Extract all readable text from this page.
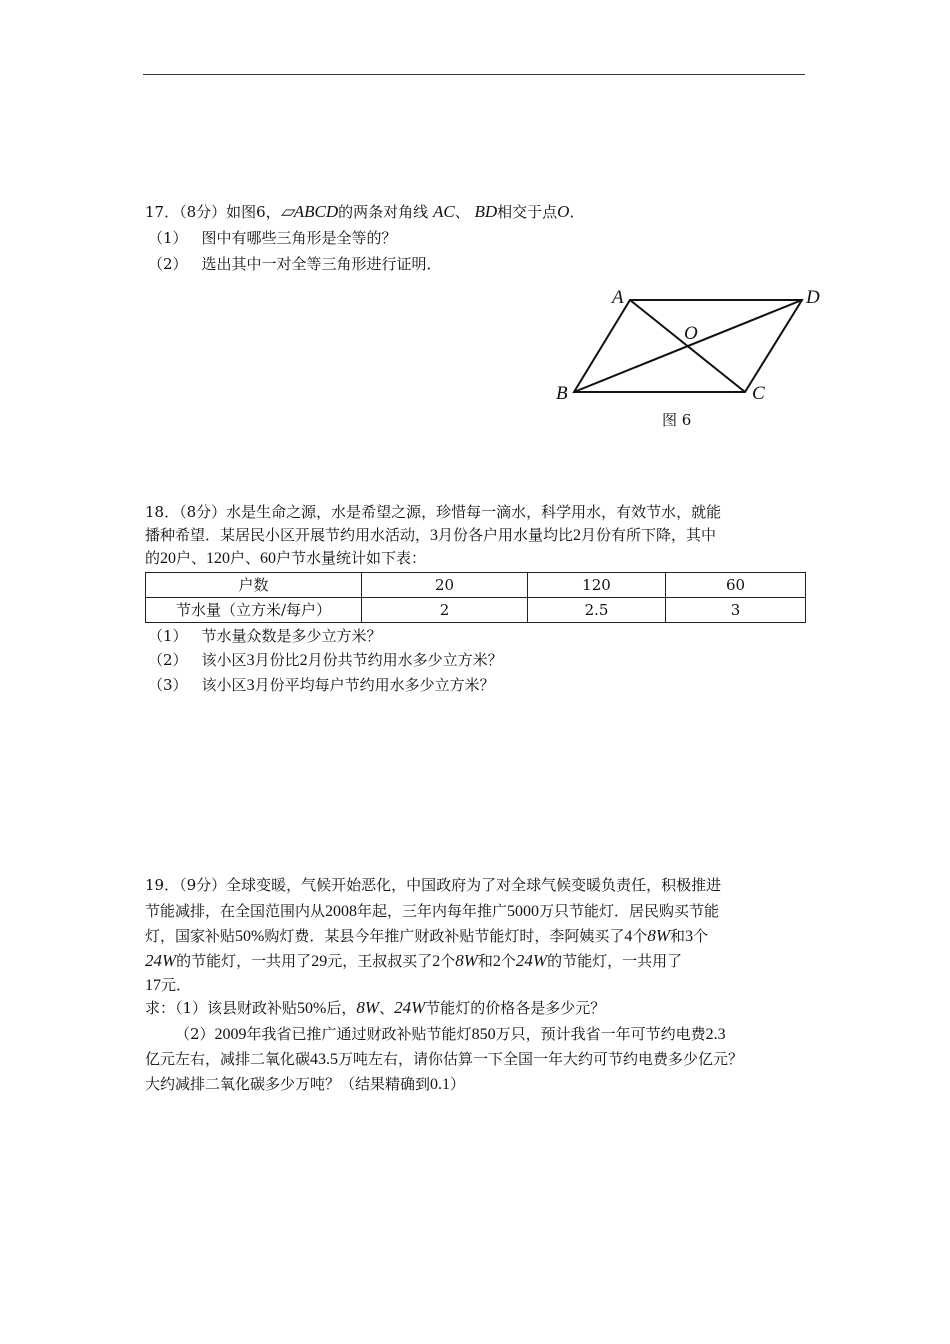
17．（8分）如图6，▱ABCD的两条对角线 AC、 BD相交于点O．
（1） 图中有哪些三角形是全等的？
（2） 选出其中一对全等三角形进行证明．
A	D
O
B	C
图 6
18．（8分）水是生命之源，水是希望之源，珍惜每一滴水，科学用水，有效节水，就能
播种希望．某居民小区开展节约用水活动，3月份各户用水量均比2月份有所下降，其中
的20户、120户、60户节水量统计如下表：
户数	20	120	60
节水量（立方米/每户）	2	2.5	3
（1） 节水量众数是多少立方米？
（2） 该小区3月份比2月份共节约用水多少立方米？
（3） 该小区3月份平均每户节约用水多少立方米？
19．（9分）全球变暖，气候开始恶化，中国政府为了对全球气候变暖负责任，积极推进
节能减排，在全国范围内从2008年起，三年内每年推广5000万只节能灯．居民购买节能
灯，国家补贴50%购灯费．某县今年推广财政补贴节能灯时，李阿姨买了4个8W和3个
24W的节能灯，一共用了29元，王叔叔买了2个8W和2个24W的节能灯，一共用了
17元．
求：（1）该县财政补贴50%后，8W、24W节能灯的价格各是多少元？
（2）2009年我省已推广通过财政补贴节能灯850万只，预计我省一年可节约电费2.3
亿元左右，减排二氧化碳43.5万吨左右，请你估算一下全国一年大约可节约电费多少亿元？
大约减排二氧化碳多少万吨？（结果精确到0.1）
